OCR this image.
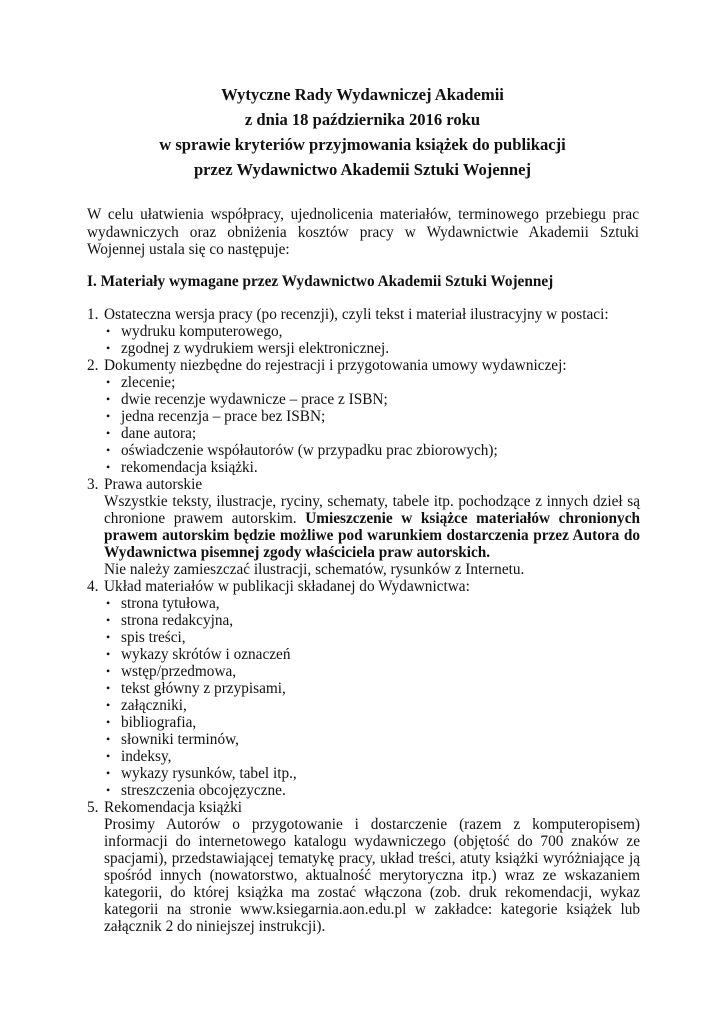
Wytyczne Rady Wydawniczej Akademii
z dnia 18 października 2016 roku
w sprawie kryteriów przyjmowania książek do publikacji
przez Wydawnictwo Akademii Sztuki Wojennej
W celu ułatwienia współpracy, ujednolicenia materiałów, terminowego przebiegu prac wydawniczych oraz obniżenia kosztów pracy w Wydawnictwie Akademii Sztuki Wojennej ustala się co następuje:
I. Materiały wymagane przez Wydawnictwo Akademii Sztuki Wojennej
1. Ostateczna wersja pracy (po recenzji), czyli tekst i materiał ilustracyjny w postaci:
• wydruku komputerowego,
• zgodnej z wydrukiem wersji elektronicznej.
2. Dokumenty niezbędne do rejestracji i przygotowania umowy wydawniczej:
• zlecenie;
• dwie recenzje wydawnicze – prace z ISBN;
• jedna recenzja – prace bez ISBN;
• dane autora;
• oświadczenie współautorów (w przypadku prac zbiorowych);
• rekomendacja książki.
3. Prawa autorskie
Wszystkie teksty, ilustracje, ryciny, schematy, tabele itp. pochodzące z innych dzieł są chronione prawem autorskim. Umieszczenie w książce materiałów chronionych prawem autorskim będzie możliwe pod warunkiem dostarczenia przez Autora do Wydawnictwa pisemnej zgody właściciela praw autorskich.
Nie należy zamieszczać ilustracji, schematów, rysunków z Internetu.
4. Układ materiałów w publikacji składanej do Wydawnictwa:
• strona tytułowa,
• strona redakcyjna,
• spis treści,
• wykazy skrótów i oznaczeń
• wstęp/przedmowa,
• tekst główny z przypisami,
• załączniki,
• bibliografia,
• słowniki terminów,
• indeksy,
• wykazy rysunków, tabel itp.,
• streszczenia obcojęzyczne.
5. Rekomendacja książki
Prosimy Autorów o przygotowanie i dostarczenie (razem z komputeropisem) informacji do internetowego katalogu wydawniczego (objętość do 700 znaków ze spacjami), przedstawiającej tematykę pracy, układ treści, atuty książki wyróżniające ją spośród innych (nowatorstwo, aktualność merytoryczna itp.) wraz ze wskazaniem kategorii, do której książka ma zostać włączona (zob. druk rekomendacji, wykaz kategorii na stronie www.ksiegarnia.aon.edu.pl w zakładce: kategorie książek lub załącznik 2 do niniejszej instrukcji).
